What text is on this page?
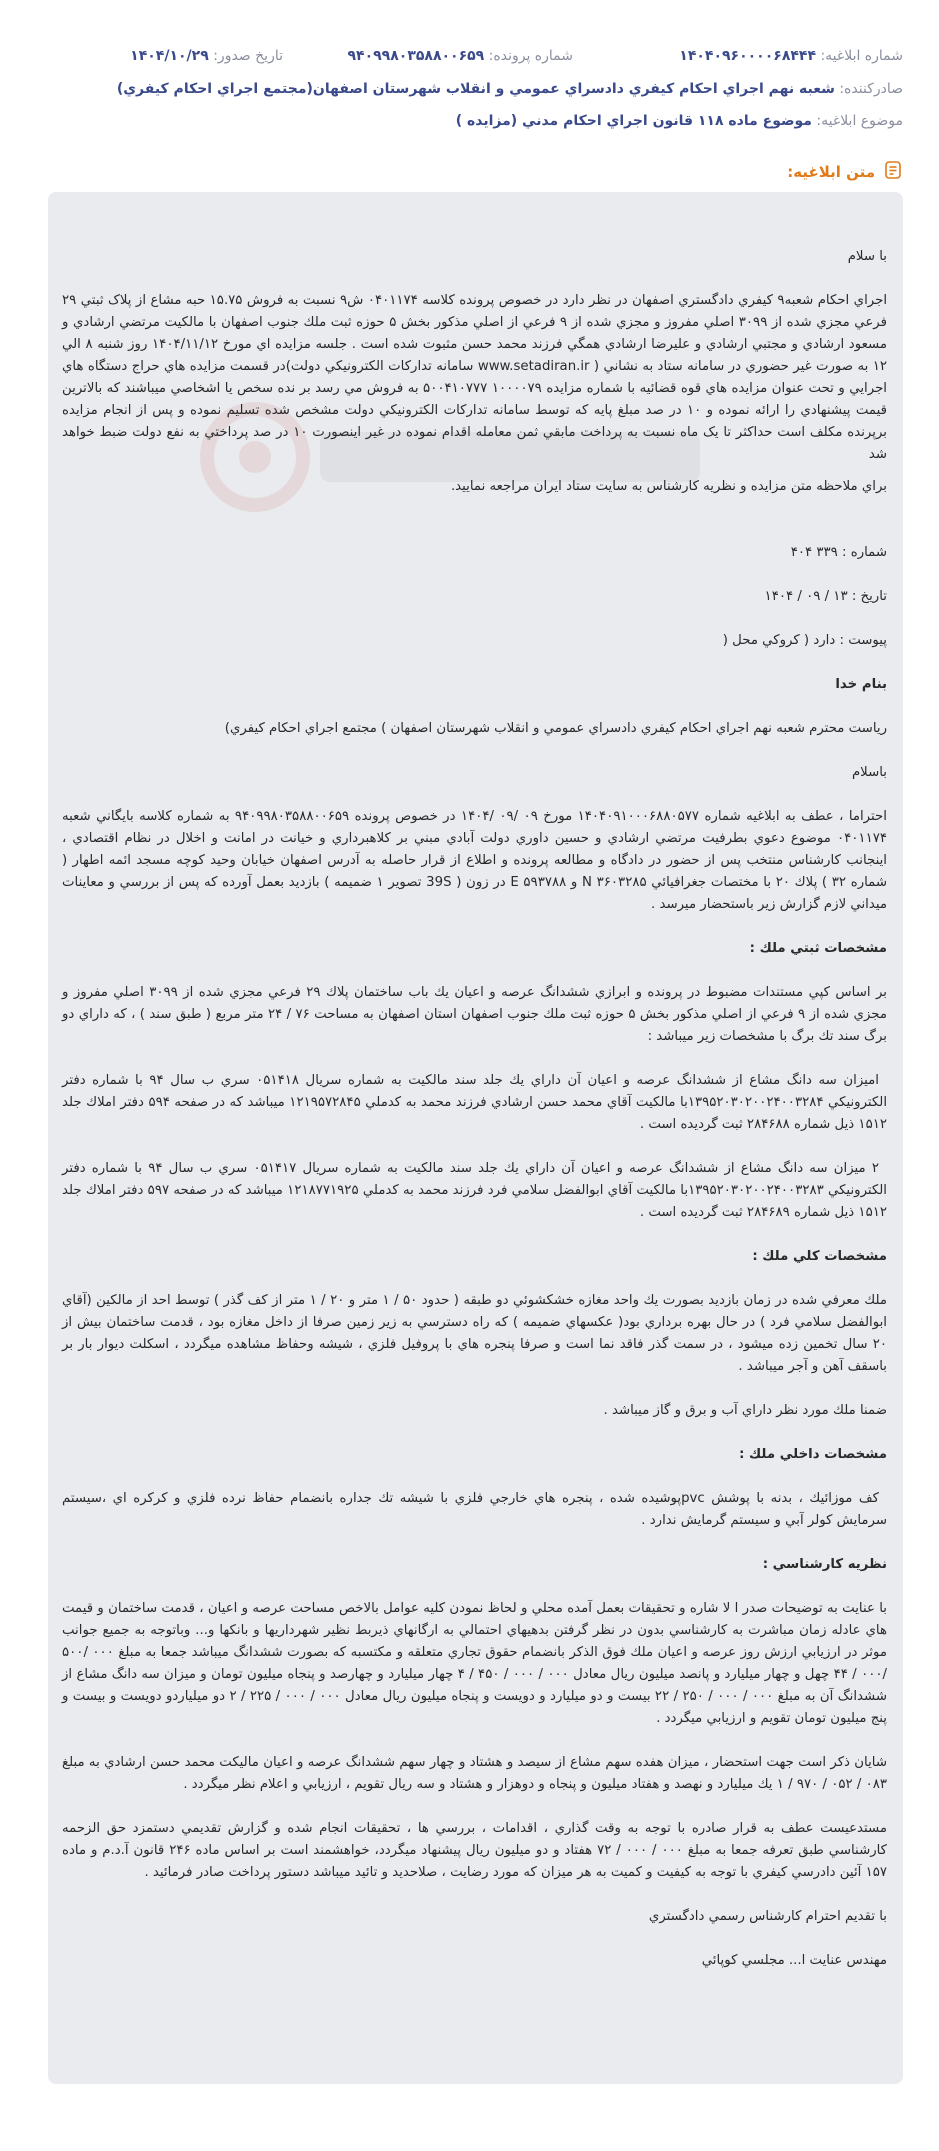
شماره ابلاغیه: ۱۴۰۴۰۹۶۰۰۰۰۶۸۴۴۴
شماره پرونده: ۹۴۰۹۹۸۰۳۵۸۸۰۰۶۵۹
تاریخ صدور: ۱۴۰۴/۱۰/۲۹
صادرکننده: شعبه نهم اجراي احکام کيفري دادسراي عمومي و انقلاب شهرستان اصفهان(مجتمع اجراي احكام كيفري)
موضوع ابلاغیه: موضوع ماده ۱۱۸ قانون اجراي احكام مدني (مزايده )
متن ابلاغیه:

با سلام

اجراي احکام شعبه۹ کيفري دادگستري اصفهان در نظر دارد در خصوص پرونده كلاسه ۰۴۰۱۱۷۴ ش۹ نسبت به فروش ۱۵.۷۵ حبه مشاع از پلاک ثبتي ۲۹ فرعي مجزي شده از ۳۰۹۹ اصلي مفروز و مجزي شده از ۹ فرعي از اصلي مذكور بخش ۵ حوزه ثبت ملك جنوب اصفهان با مالکيت مرتضي ارشادي و مسعود ارشادي و مجتبي ارشادي و عليرضا ارشادي همگي فرزند محمد حسن مثبوت شده است . جلسه مزايده اي مورخ ۱۴۰۴/۱۱/۱۲ روز شنبه ۸ الي ۱۲ به صورت غير حضوري در سامانه ستاد به نشاني ( www.setadiran.ir سامانه تداركات الكترونيكي دولت)در قسمت مزايده هاي حراج دستگاه هاي اجرايي و تحت عنوان مزايده هاي قوه قضائيه با شماره مزايده ۱۰۰۰۰۷۹ ۵۰۰۴۱۰۷۷۷ به فروش مي رسد بر نده سخص يا اشخاصي ميباشند كه بالاترين قيمت پيشنهادي را ارائه نموده و ۱۰ در صد مبلغ پايه كه توسط سامانه تداركات الكترونيكي دولت مشخص شده تسليم نموده و پس از انجام مزايده برپرنده مكلف است حداكثر تا يک ماه نسبت به پرداخت مابقي ثمن معامله اقدام نموده در غير اينصورت ۱۰ در صد پرداختي به نفع دولت ضبط خواهد شد

براي ملاحظه متن مزايده و نظريه كارشناس به سايت ستاد ايران مراجعه نماييد.

شماره : ۳۳۹ ۴۰۴

تاريخ : ۱۳ / ۰۹ / ۱۴۰۴

پيوست : دارد ( كروكي محل (

بنام خدا

رياست محترم شعبه نهم اجراي احكام كيفري دادسراي عمومي و انقلاب شهرستان اصفهان ) مجتمع اجراي احكام كيفري)

باسلام

احتراما ، عطف به ابلاغيه شماره ۱۴۰۴۰۹۱۰۰۰۶۸۸۰۵۷۷ مورخ ۰۹ /۰۹ /۱۴۰۴ در خصوص پرونده ۹۴۰۹۹۸۰۳۵۸۸۰۰۶۵۹ به شماره كلاسه بايگاني شعبه ۰۴۰۱۱۷۴ موضوع دعوي بطرفيت مرتضي ارشادي و حسين داوري دولت آبادي مبني بر كلاهبرداري و خيانت در امانت و اخلال در نظام اقتصادي ، اينجانب كارشناس منتخب پس از حضور در دادگاه و مطالعه پرونده و اطلاع از قرار حاصله به آدرس اصفهان خيابان وحيد كوچه مسجد ائمه اطهار ( شماره ۳۲ ) پلاك ۲۰ با مختصات جغرافيائي N ۳۶۰۳۲۸۵ و ۵۹۳۷۸۸ E در زون ( 39S تصوير ۱ ضميمه ) بازديد بعمل آورده كه پس از بررسي و معاينات ميداني لازم گزارش زير باستحضار ميرسد .

مشخصات ثبتي ملك :

بر اساس كپي مستندات مضبوط در پرونده و ابرازي ششدانگ عرصه و اعيان يك باب ساختمان پلاك ۲۹ فرعي مجزي شده از ۳۰۹۹ اصلي مفروز و مجزي شده از ۹ فرعي از اصلي مذكور بخش ۵ حوزه ثبت ملك جنوب اصفهان استان اصفهان به مساحت ۷۶ / ۲۴ متر مربع ( طبق سند ) ، كه داراي دو برگ سند تك برگ با مشخصات زير ميباشد :

امیزان سه دانگ مشاع از ششدانگ عرصه و اعيان آن داراي يك جلد سند مالكيت به شماره سريال ۰۵۱۴۱۸ سري ب سال ۹۴ با شماره دفتر الكترونيكي ۱۳۹۵۲۰۳۰۲۰۰۲۴۰۰۳۲۸۴با مالكيت آقاي محمد حسن ارشادي فرزند محمد به كدملي ۱۲۱۹۵۷۲۸۴۵ ميباشد كه در صفحه ۵۹۴ دفتر املاك جلد ۱۵۱۲ ذيل شماره ۲۸۴۶۸۸ ثبت گرديده است .

۲ ميزان سه دانگ مشاع از ششدانگ عرصه و اعيان آن داراي يك جلد سند مالكيت به شماره سريال ۰۵۱۴۱۷ سري ب سال ۹۴ با شماره دفتر الكترونيكي ۱۳۹۵۲۰۳۰۲۰۰۲۴۰۰۳۲۸۳با مالكيت آقاي ابوالفضل سلامي فرد فرزند محمد به كدملي ۱۲۱۸۷۷۱۹۲۵ ميباشد كه در صفحه ۵۹۷ دفتر املاك جلد ۱۵۱۲ ذيل شماره ۲۸۴۶۸۹ ثبت گرديده است .

مشخصات كلي ملك :

ملك معرفي شده در زمان بازديد بصورت يك واحد مغازه خشكشوئي دو طبقه ( حدود ۵۰ / ۱ متر و ۲۰ / ۱ متر از كف گذر ) توسط احد از مالكين (آقاي ابوالفضل سلامي فرد ) در حال بهره برداري بود( عكسهاي ضميمه ) كه راه دسترسي به زير زمين صرفا از داخل مغازه بود ، قدمت ساختمان بيش از ۲۰ سال تخمين زده ميشود ، در سمت گذر فاقد نما است و صرفا پنجره هاي با پروفيل فلزي ، شيشه وحفاظ مشاهده ميگردد ، اسكلت ديوار بار بر باسقف آهن و آجر ميباشد .

ضمنا ملك مورد نظر داراي آب و برق و گاز ميباشد .

مشخصات داخلي ملك :

كف موزائيك ، بدنه با پوشش pvcپوشيده شده ، پنجره هاي خارجي فلزي با شيشه تك جداره بانضمام حفاظ نرده فلزي و كركره اي ،سيستم سرمايش كولر آبي و سيستم گرمايش ندارد .

نظريه كارشناسي :

با عنايت به توضيحات صدر ا لا شاره و تحقيقات بعمل آمده محلي و لحاظ نمودن كليه عوامل بالاخص مساحت عرصه و اعيان ، قدمت ساختمان و قيمت هاي عادله زمان مباشرت به كارشناسي بدون در نظر گرفتن بدهيهاي احتمالي به ارگانهاي ذيربط نظير شهرداريها و بانكها و... وباتوجه به جميع جوانب موثر در ارزيابي ارزش روز عرصه و اعيان ملك فوق الذكر بانضمام حقوق تجاري متعلقه و مكتسبه كه بصورت ششدانگ ميباشد جمعا به مبلغ ۰۰۰ /۵۰۰ /۰۰۰ / ۴۴ چهل و چهار ميليارد و پانصد ميليون ريال معادل ۰۰۰ / ۰۰۰ / ۴۵۰ / ۴ چهار ميليارد و چهارصد و پنجاه ميليون تومان و ميزان سه دانگ مشاع از ششدانگ آن به مبلغ ۰۰۰ / ۰۰۰ / ۲۵۰ / ۲۲ بيست و دو ميليارد و دويست و پنجاه ميليون ريال معادل ۰۰۰ / ۰۰۰ / ۲۲۵ / ۲ دو ميلياردو دويست و بيست و پنج ميليون تومان تقويم و ارزيابي ميگردد .

شايان ذكر است جهت استحضار ، ميزان هفده سهم مشاع از سيصد و هشتاد و چهار سهم ششدانگ عرصه و اعيان ماليكت محمد حسن ارشادي به مبلغ ۰۸۳ / ۰۵۲ / ۹۷۰ / ۱ يك ميليارد و نهصد و هفتاد ميليون و پنجاه و دوهزار و هشتاد و سه ريال تقويم ، ارزيابي و اعلام نظر ميگردد .

مستدعيست عطف به قرار صادره با توجه به وقت گذاري ، اقدامات ، بررسي ها ، تحقيقات انجام شده و گزارش تقديمي دستمزد حق الزحمه كارشناسي طبق تعرفه جمعا به مبلغ ۰۰۰ / ۰۰۰ / ۷۲ هفتاد و دو ميليون ريال پيشنهاد ميگردد، خواهشمند است بر اساس ماده ۲۴۶ قانون آ.د.م و ماده ۱۵۷ آئين دادرسي كيفري با توجه به كيفيت و كميت به هر ميزان كه مورد رضايت ، صلاحديد و تائيد ميباشد دستور پرداخت صادر فرمائيد .

با تقديم احترام كارشناس رسمي دادگستري

مهندس عنايت ا... مجلسي كوپائي
